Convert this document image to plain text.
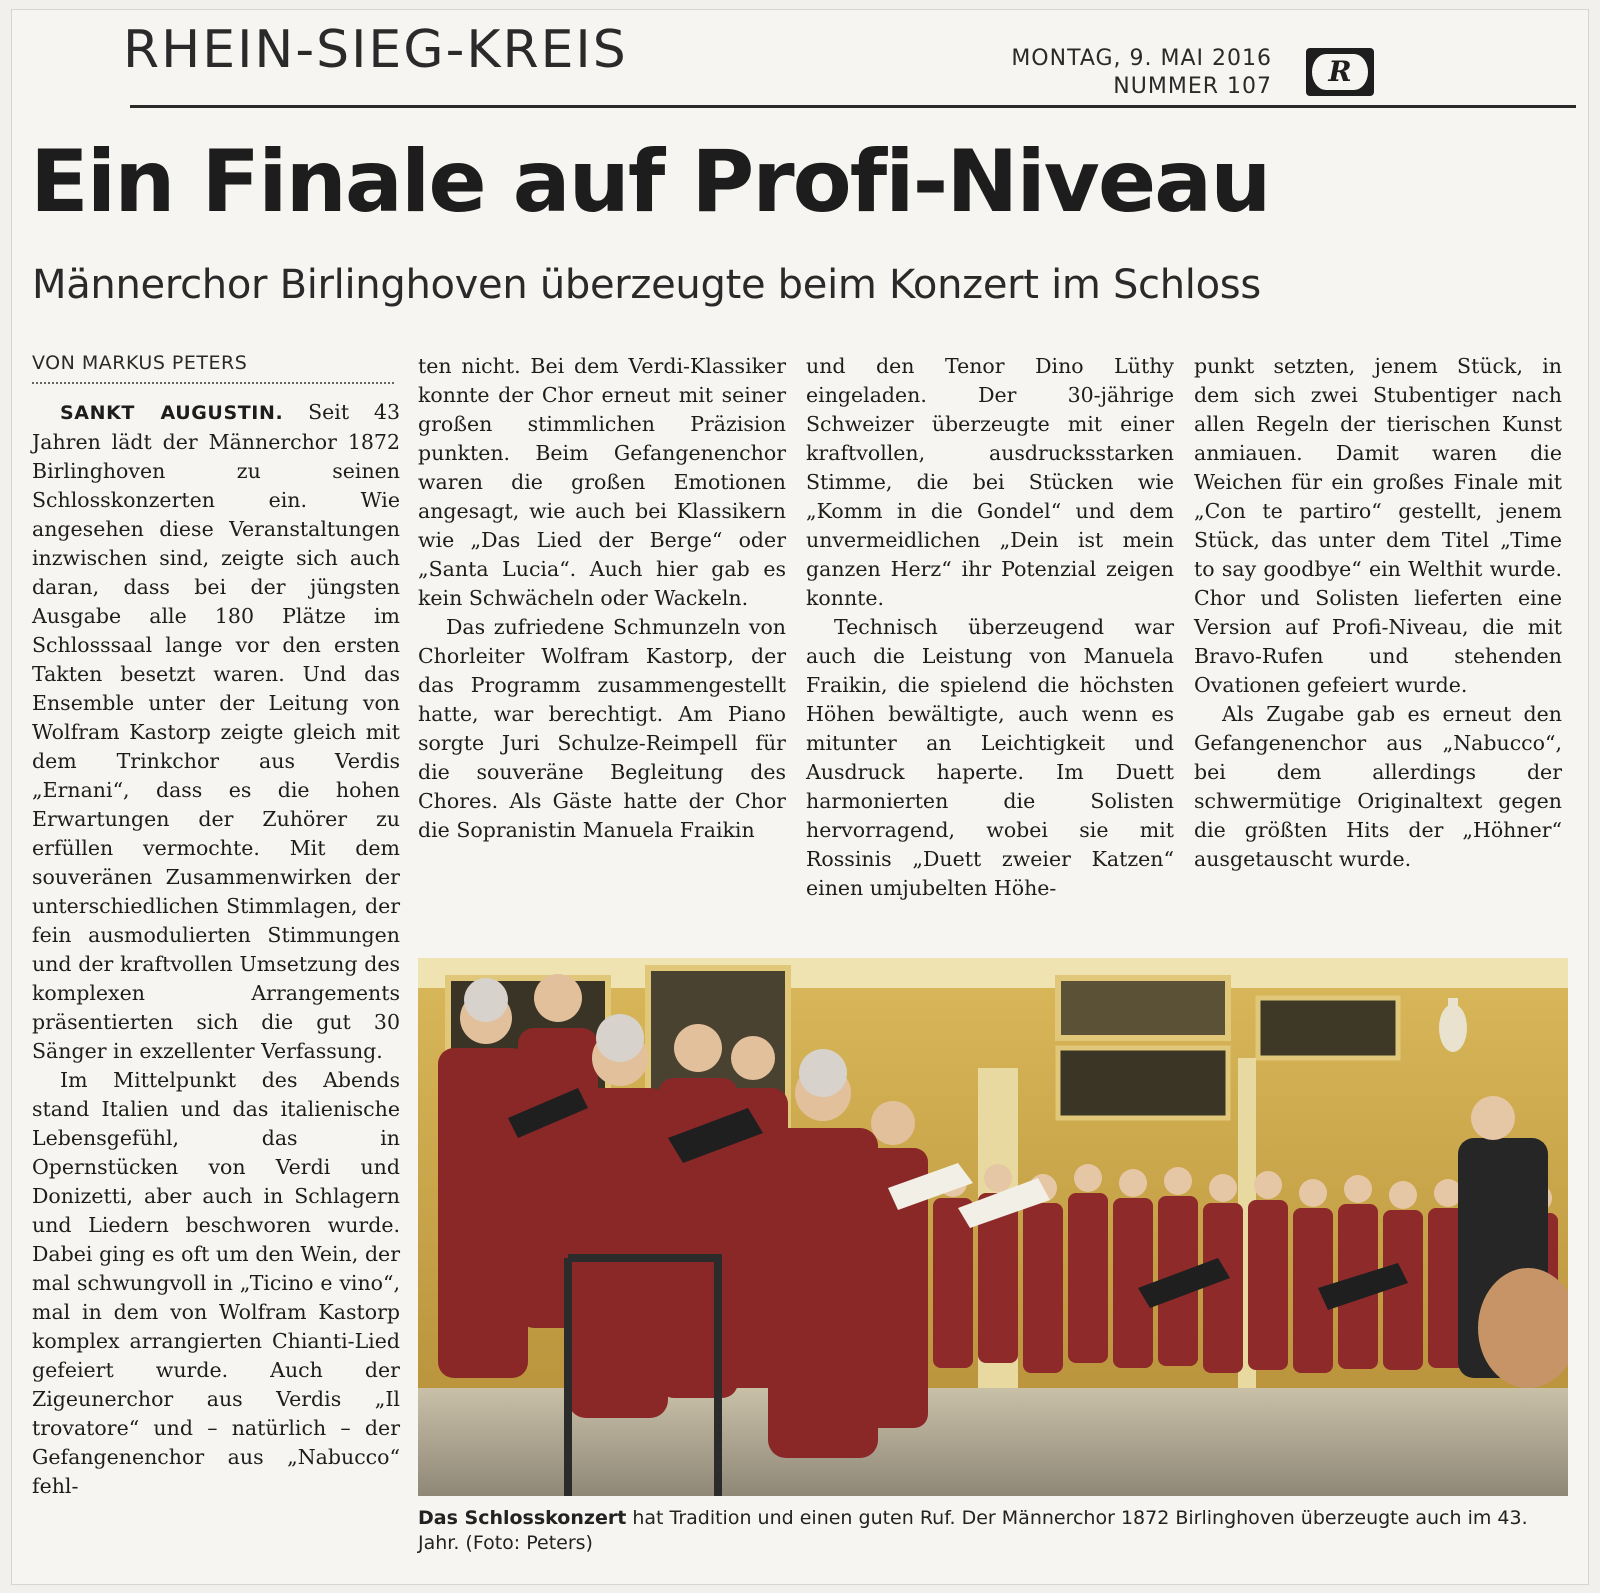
RHEIN-SIEG-KREIS	MONTAG, 9. MAI 2016
NUMMER 107	R
Ein Finale auf Profi-Niveau
Männerchor Birlinghoven überzeugte beim Konzert im Schloss
VON MARKUS PETERS

SANKT AUGUSTIN. Seit 43 Jahren lädt der Männerchor 1872 Birlinghoven zu seinen Schlosskonzerten ein. Wie angesehen diese Veranstaltungen inzwischen sind, zeigte sich auch daran, dass bei der jüngsten Ausgabe alle 180 Plätze im Schlosssaal lange vor den ersten Takten besetzt waren. Und das Ensemble unter der Leitung von Wolfram Kastorp zeigte gleich mit dem Trinkchor aus Verdis „Ernani“, dass es die hohen Erwartungen der Zuhörer zu erfüllen vermochte. Mit dem souveränen Zusammenwirken der unterschiedlichen Stimmlagen, der fein ausmodulierten Stimmungen und der kraftvollen Umsetzung des komplexen Arrangements präsentierten sich die gut 30 Sänger in exzellenter Verfassung.

Im Mittelpunkt des Abends stand Italien und das italienische Lebensgefühl, das in Opernstücken von Verdi und Donizetti, aber auch in Schlagern und Liedern beschworen wurde. Dabei ging es oft um den Wein, der mal schwungvoll in „Ticino e vino“, mal in dem von Wolfram Kastorp komplex arrangierten Chianti-Lied gefeiert wurde. Auch der Zigeunerchor aus Verdis „Il trovatore“ und – natürlich – der Gefangenenchor aus „Nabucco“ fehl-

ten nicht. Bei dem Verdi-Klassiker konnte der Chor erneut mit seiner großen stimmlichen Präzision punkten. Beim Gefangenenchor waren die großen Emotionen angesagt, wie auch bei Klassikern wie „Das Lied der Berge“ oder „Santa Lucia“. Auch hier gab es kein Schwächeln oder Wackeln.

Das zufriedene Schmunzeln von Chorleiter Wolfram Kastorp, der das Programm zusammengestellt hatte, war berechtigt. Am Piano sorgte Juri Schulze-Reimpell für die souveräne Begleitung des Chores. Als Gäste hatte der Chor die Sopranistin Manuela Fraikin

und den Tenor Dino Lüthy eingeladen. Der 30-jährige Schweizer überzeugte mit einer kraftvollen, ausdrucksstarken Stimme, die bei Stücken wie „Komm in die Gondel“ und dem unvermeidlichen „Dein ist mein ganzen Herz“ ihr Potenzial zeigen konnte.

Technisch überzeugend war auch die Leistung von Manuela Fraikin, die spielend die höchsten Höhen bewältigte, auch wenn es mitunter an Leichtigkeit und Ausdruck haperte. Im Duett harmonierten die Solisten hervorragend, wobei sie mit Rossinis „Duett zweier Katzen“ einen umjubelten Höhe-

punkt setzten, jenem Stück, in dem sich zwei Stubentiger nach allen Regeln der tierischen Kunst anmiauen. Damit waren die Weichen für ein großes Finale mit „Con te partiro“ gestellt, jenem Stück, das unter dem Titel „Time to say goodbye“ ein Welthit wurde. Chor und Solisten lieferten eine Version auf Profi-Niveau, die mit Bravo-Rufen und stehenden Ovationen gefeiert wurde.

Als Zugabe gab es erneut den Gefangenenchor aus „Nabucco“, bei dem allerdings der schwermütige Originaltext gegen die größten Hits der „Höhner“ ausgetauscht wurde.

Das Schlosskonzert hat Tradition und einen guten Ruf. Der Männerchor 1872 Birlinghoven überzeugte auch im 43. Jahr. (Foto: Peters)
